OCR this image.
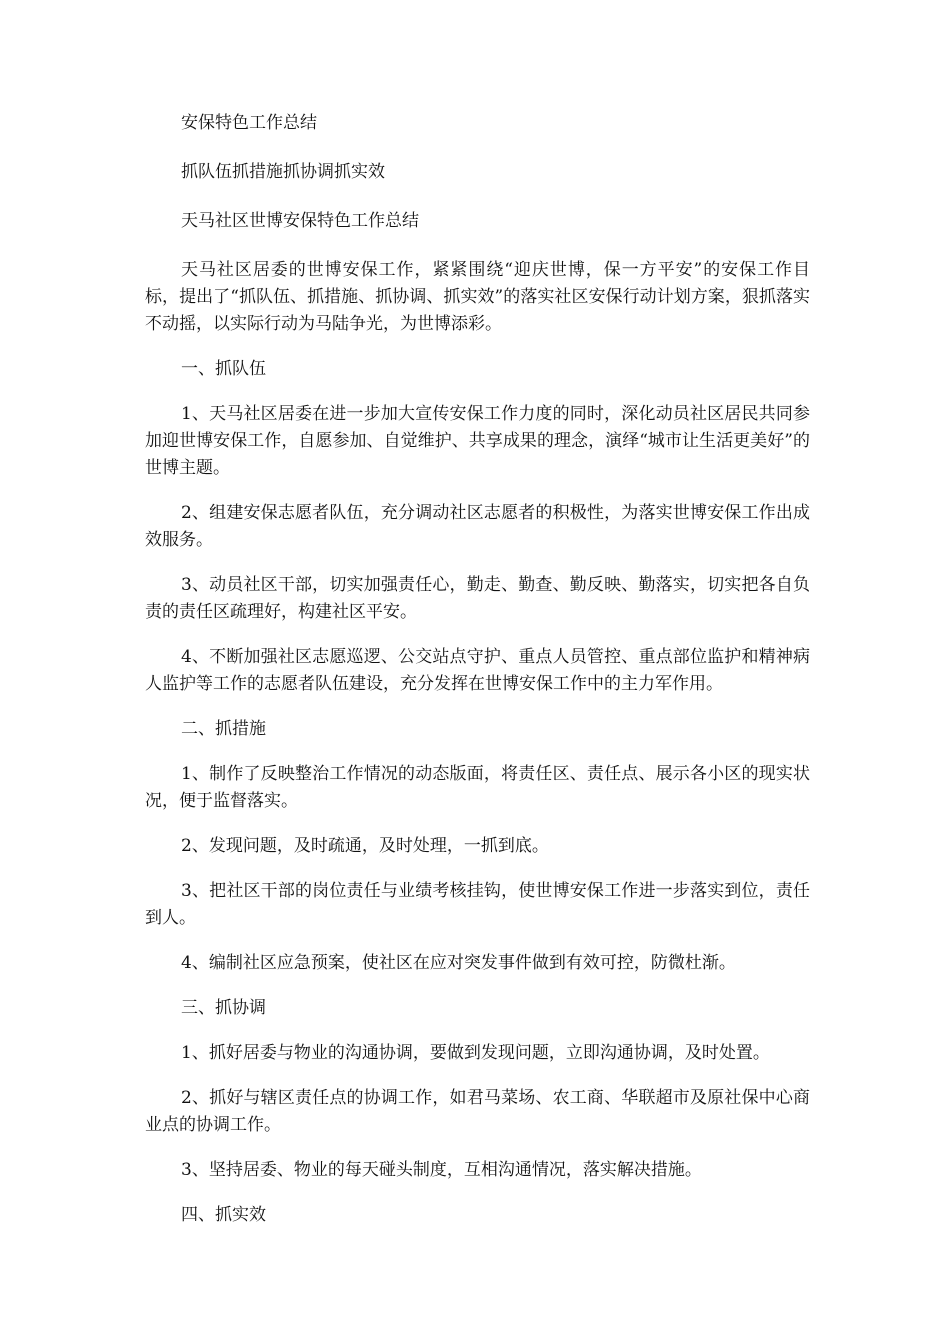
安保特色工作总结

抓队伍抓措施抓协调抓实效

天马社区世博安保特色工作总结

天马社区居委的世博安保工作，紧紧围绕“迎庆世博，保一方平安”的安保工作目标，提出了“抓队伍、抓措施、抓协调、抓实效”的落实社区安保行动计划方案，狠抓落实不动摇，以实际行动为马陆争光，为世博添彩。

一、抓队伍

1、天马社区居委在进一步加大宣传安保工作力度的同时，深化动员社区居民共同参加迎世博安保工作，自愿参加、自觉维护、共享成果的理念，演绎“城市让生活更美好”的世博主题。

2、组建安保志愿者队伍，充分调动社区志愿者的积极性，为落实世博安保工作出成效服务。

3、动员社区干部，切实加强责任心，勤走、勤查、勤反映、勤落实，切实把各自负责的责任区疏理好，构建社区平安。

4、不断加强社区志愿巡逻、公交站点守护、重点人员管控、重点部位监护和精神病人监护等工作的志愿者队伍建设，充分发挥在世博安保工作中的主力军作用。

二、抓措施

1、制作了反映整治工作情况的动态版面，将责任区、责任点、展示各小区的现实状况，便于监督落实。

2、发现问题，及时疏通，及时处理，一抓到底。

3、把社区干部的岗位责任与业绩考核挂钩，使世博安保工作进一步落实到位，责任到人。

4、编制社区应急预案，使社区在应对突发事件做到有效可控，防微杜渐。

三、抓协调

1、抓好居委与物业的沟通协调，要做到发现问题，立即沟通协调，及时处置。

2、抓好与辖区责任点的协调工作，如君马菜场、农工商、华联超市及原社保中心商业点的协调工作。

3、坚持居委、物业的每天碰头制度，互相沟通情况，落实解决措施。

四、抓实效
